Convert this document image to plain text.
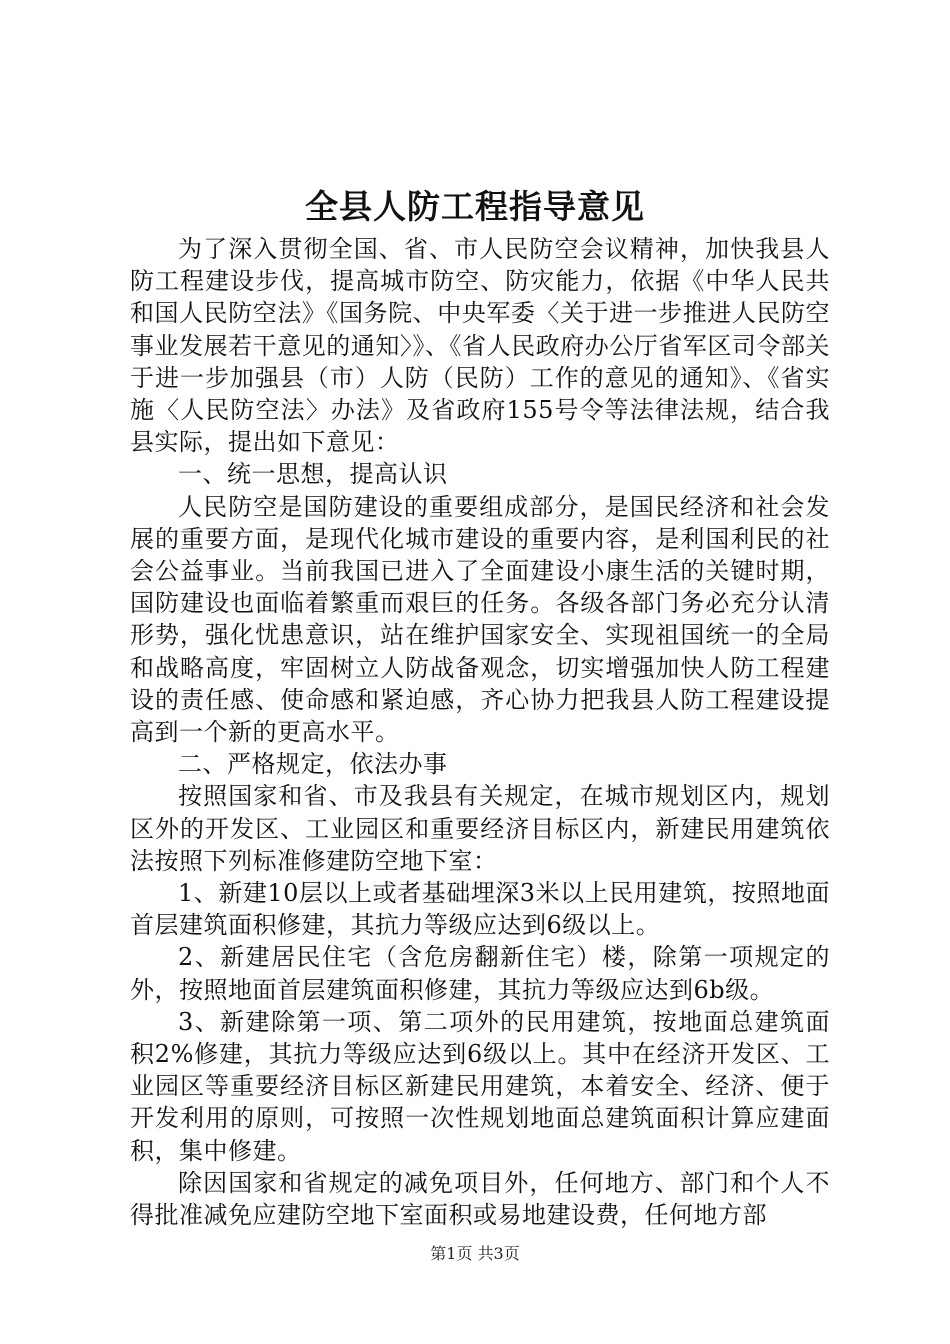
全县人防工程指导意见

为了深入贯彻全国、省、市人民防空会议精神，加快我县人防工程建设步伐，提高城市防空、防灾能力，依据《中华人民共和国人民防空法》《国务院、中央军委〈关于进一步推进人民防空事业发展若干意见的通知〉》、《省人民政府办公厅省军区司令部关于进一步加强县（市）人防（民防）工作的意见的通知》、《省实施〈人民防空法〉办法》及省政府155号令等法律法规，结合我县实际，提出如下意见：

一、统一思想，提高认识

人民防空是国防建设的重要组成部分，是国民经济和社会发展的重要方面，是现代化城市建设的重要内容，是利国利民的社会公益事业。当前我国已进入了全面建设小康生活的关键时期，国防建设也面临着繁重而艰巨的任务。各级各部门务必充分认清形势，强化忧患意识，站在维护国家安全、实现祖国统一的全局和战略高度，牢固树立人防战备观念，切实增强加快人防工程建设的责任感、使命感和紧迫感，齐心协力把我县人防工程建设提高到一个新的更高水平。

二、严格规定，依法办事

按照国家和省、市及我县有关规定，在城市规划区内，规划区外的开发区、工业园区和重要经济目标区内，新建民用建筑依法按照下列标准修建防空地下室：

1、新建10层以上或者基础埋深3米以上民用建筑，按照地面首层建筑面积修建，其抗力等级应达到6级以上。

2、新建居民住宅（含危房翻新住宅）楼，除第一项规定的外，按照地面首层建筑面积修建，其抗力等级应达到6b级。

3、新建除第一项、第二项外的民用建筑，按地面总建筑面积2%修建，其抗力等级应达到6级以上。其中在经济开发区、工业园区等重要经济目标区新建民用建筑，本着安全、经济、便于开发利用的原则，可按照一次性规划地面总建筑面积计算应建面积，集中修建。

除因国家和省规定的减免项目外，任何地方、部门和个人不得批准减免应建防空地下室面积或易地建设费，任何地方部

第1页 共3页
